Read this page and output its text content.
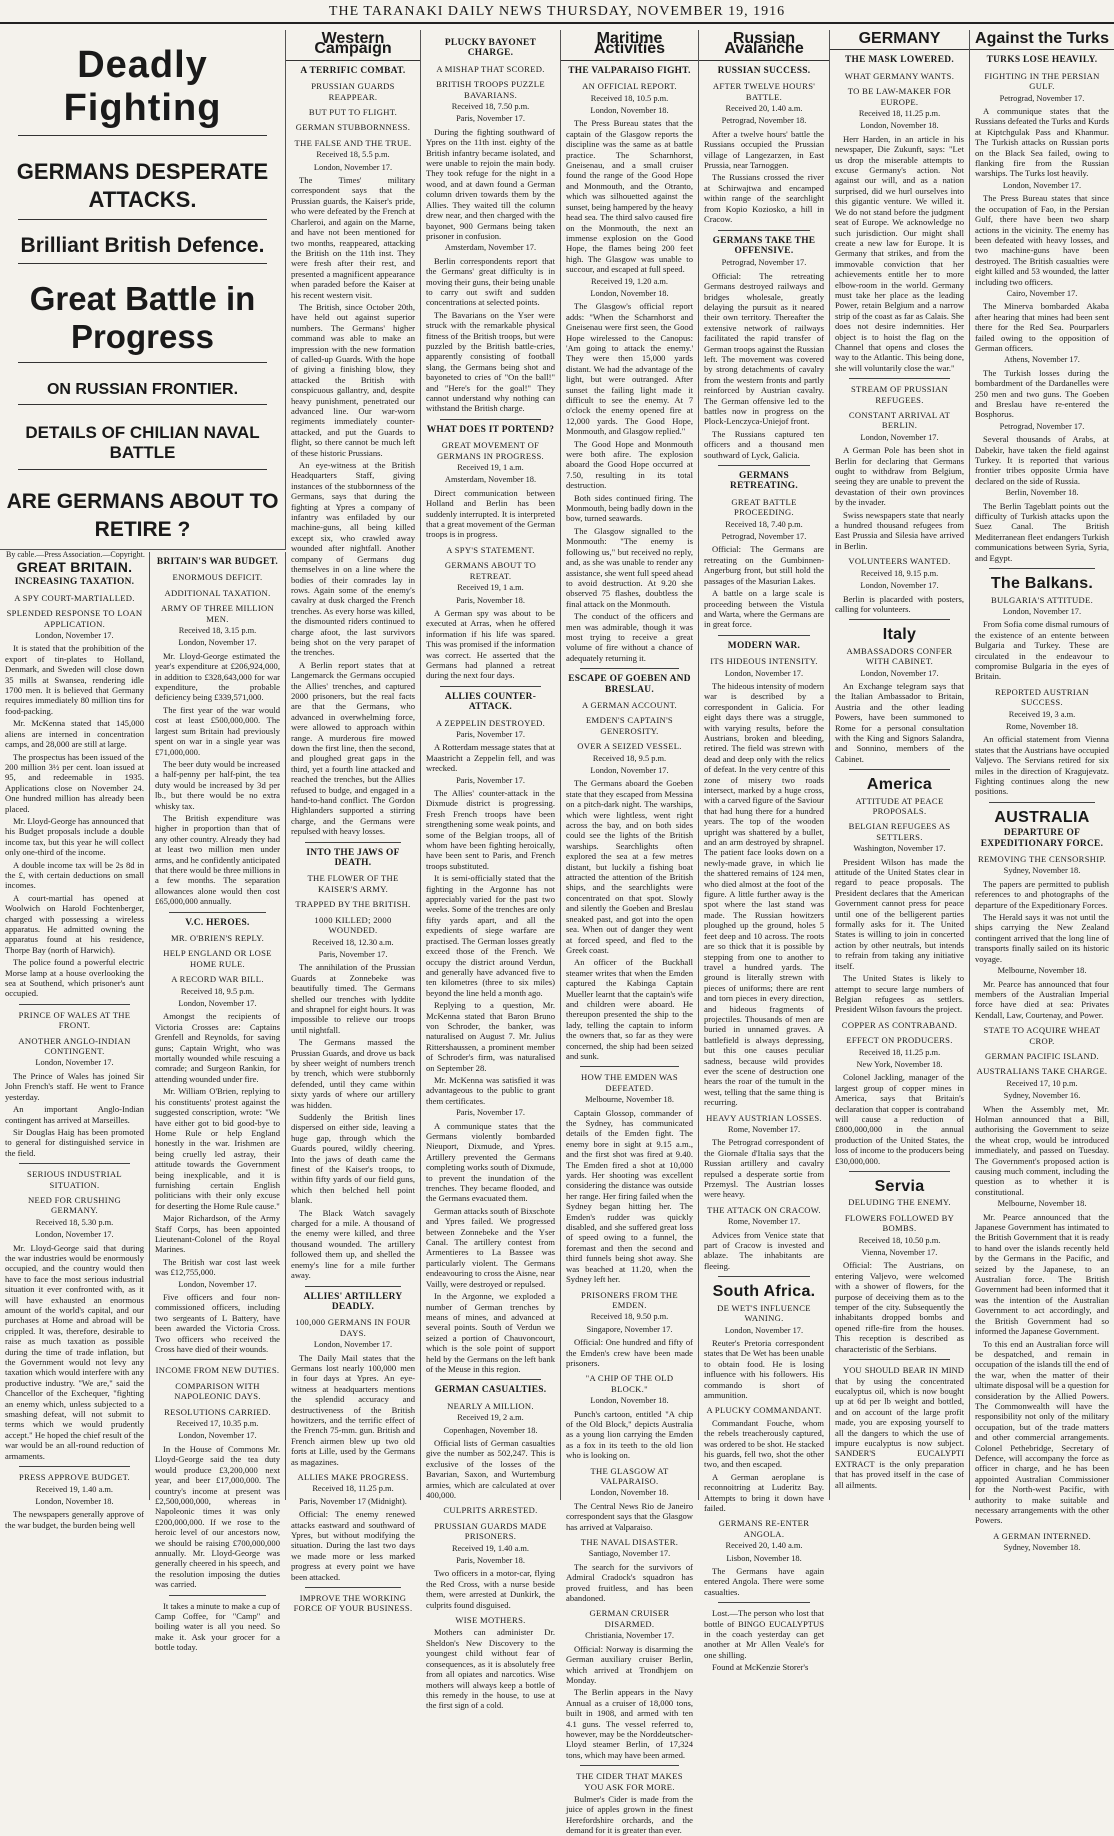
THE TARANAKI DAILY NEWS THURSDAY, NOVEMBER 19, 1916
Deadly Fighting
GERMANS DESPERATE ATTACKS.
Brilliant British Defence.
Great Battle in Progress
ON RUSSIAN FRONTIER.
DETAILS OF CHILIAN NAVAL BATTLE
ARE GERMANS ABOUT TO RETIRE ?
By cable.—Press Association.—Copyright.
GREAT BRITAIN.
INCREASING TAXATION.
A SPY COURT-MARTIALLED.
SPLENDED RESPONSE TO LOAN APPLICATION.
London, November 17.

It is stated that the prohibition of the export of tin-plates to Holland, Denmark, and Sweden will close down 35 mills at Swansea, rendering idle 1700 men. It is believed that Germany requires immediately 80 million tins for food-packing.

Mr. McKenna stated that 145,000 aliens are interned in concentration camps, and 28,000 are still at large.

The prospectus has been issued of the 200 million 3½ per cent. loan issued at 95, and redeemable in 1935. Applications close on November 24. One hundred million has already been placed.

Mr. Lloyd-George has announced that his Budget proposals include a double income tax, but this year he will collect only one-third of the income.

A double income tax will be 2s 8d in the £, with certain deductions on small incomes.

A court-martial has opened at Woolwich on Harold Fochtenberger, charged with possessing a wireless apparatus. He admitted owning the apparatus found at his residence, Thorpe Bay (north of Harwich).

The police found a powerful electric Morse lamp at a house overlooking the sea at Southend, which prisoner's aunt occupied.

PRINCE OF WALES AT THE FRONT.
ANOTHER ANGLO-INDIAN CONTINGENT.
London, November 17.

The Prince of Wales has joined Sir John French's staff. He went to France yesterday.

An important Anglo-Indian contingent has arrived at Marseilles.

Sir Douglas Haig has been promoted to general for distinguished service in the field.

SERIOUS INDUSTRIAL SITUATION.
NEED FOR CRUSHING GERMANY.
Received 18, 5.30 p.m.
London, November 17.

Mr. Lloyd-George said that during the war industries would be enormously occupied, and the country would then have to face the most serious industrial situation it ever confronted with, as it will have exhausted an enormous amount of the world's capital, and our purchases at Home and abroad will be crippled. It was, therefore, desirable to raise as much taxation as possible during the time of trade inflation, but the Government would not levy any taxation which would interfere with any productive industry. "We are," said the Chancellor of the Exchequer, "fighting an enemy which, unless subjected to a smashing defeat, will not submit to terms which we would prudently accept." He hoped the chief result of the war would be an all-round reduction of armaments.

PRESS APPROVE BUDGET.
Received 19, 1.40 a.m.
London, November 18.

The newspapers generally approve of the war budget, the burden being well

BRITAIN'S WAR BUDGET.
ENORMOUS DEFICIT.
ADDITIONAL TAXATION.
ARMY OF THREE MILLION MEN.
Received 18, 3.15 p.m.
London, November 17.

Mr. Lloyd-George estimated the year's expenditure at £206,924,000, in addition to £328,643,000 for war expenditure, the probable deficiency being £339,571,000.

The first year of the war would cost at least £500,000,000. The largest sum Britain had previously spent on war in a single year was £71,000,000.

The beer duty would be increased a half-penny per half-pint, the tea duty would be increased by 3d per lb., but there would be no extra whisky tax.

The British expenditure was higher in proportion than that of any other country. Already they had at least two million men under arms, and he confidently anticipated that there would be three millions in a few months. The separation allowances alone would then cost £65,000,000 annually.

V.C. HEROES.
MR. O'BRIEN'S REPLY.
HELP ENGLAND OR LOSE HOME RULE.
A RECORD WAR BILL.
Received 18, 9.5 p.m.
London, November 17.

Amongst the recipients of Victoria Crosses are: Captains Grenfell and Reynolds, for saving guns; Captain Wright, who was mortally wounded while rescuing a comrade; and Surgeon Rankin, for attending wounded under fire.

Mr. William O'Brien, replying to his constituents' protest against the suggested conscription, wrote: "We have either got to bid good-bye to Home Rule or help England honestly in the war. Irishmen are being cruelly led astray, their attitude towards the Government being inexplicable, and it is furnishing certain English politicians with their only excuse for deserting the Home Rule cause."

Major Richardson, of the Army Staff Corps, has been appointed Lieutenant-Colonel of the Royal Marines.

The British war cost last week was £12,755,000.

London, November 17.

Five officers and four non-commissioned officers, including two sergeants of L Battery, have been awarded the Victoria Cross. Two officers who received the Cross have died of their wounds.

INCOME FROM NEW DUTIES.
COMPARISON WITH NAPOLEONIC DAYS.
RESOLUTIONS CARRIED.
Received 17, 10.35 p.m.
London, November 17.

In the House of Commons Mr. Lloyd-George said the tea duty would produce £3,200,000 next year, and beer £17,000,000. The country's income at present was £2,500,000,000, whereas in Napoleonic times it was only £200,000,000. If we rose to the heroic level of our ancestors now, we should be raising £700,000,000 annually. Mr. Lloyd-George was generally cheered in his speech, and the resolution imposing the duties was carried.

It takes a minute to make a cup of Camp Coffee, for "Camp" and boiling water is all you need. So make it. Ask your grocer for a bottle today.

Western Campaign
A TERRIFIC COMBAT.
PRUSSIAN GUARDS REAPPEAR.
BUT PUT TO FLIGHT.
GERMAN STUBBORNNESS.
THE FALSE AND THE TRUE.
Received 18, 5.5 p.m.
London, November 17.

The Times' military correspondent says that the Prussian guards, the Kaiser's pride, who were defeated by the French at Charleroi, and again on the Marne, and have not been mentioned for two months, reappeared, attacking the British on the 11th inst. They were fresh after their rest, and presented a magnificent appearance when paraded before the Kaiser at his recent western visit.

The British, since October 20th, have held out against superior numbers. The Germans' higher command was able to make an impression with the new formation of called-up Guards. With the hope of giving a finishing blow, they attacked the British with conspicuous gallantry, and, despite heavy punishment, penetrated our advanced line. Our war-worn regiments immediately counter-attacked, and put the Guards to flight, so there cannot be much left of these historic Prussians.

An eye-witness at the British Headquarters Staff, giving instances of the stubbornness of the Germans, says that during the fighting at Ypres a company of infantry was enfiladed by our machine-guns, all being killed except six, who crawled away wounded after nightfall. Another company of Germans dug themselves in on a line where the bodies of their comrades lay in rows. Again some of the enemy's cavalry at dusk charged the French trenches. As every horse was killed, the dismounted riders continued to charge afoot, the last survivors being shot on the very parapet of the trenches.

A Berlin report states that at Langemarck the Germans occupied the Allies' trenches, and captured 2000 prisoners, but the real facts are that the Germans, who advanced in overwhelming force, were allowed to approach within range. A murderous fire mowed down the first line, then the second, and ploughed great gaps in the third, yet a fourth line attacked and reached the trenches, but the Allies refused to budge, and engaged in a hand-to-hand conflict. The Gordon Highlanders supported a stirring charge, and the Germans were repulsed with heavy losses.

INTO THE JAWS OF DEATH.
THE FLOWER OF THE KAISER'S ARMY.
TRAPPED BY THE BRITISH.
1000 KILLED; 2000 WOUNDED.
Received 18, 12.30 a.m.
Paris, November 17.

The annihilation of the Prussian Guards at Zonnebeke was beautifully timed. The Germans shelled our trenches with lyddite and shrapnel for eight hours. It was impossible to relieve our troops until nightfall.

The Germans massed the Prussian Guards, and drove us back by sheer weight of numbers trench by trench, which were stubbornly defended, until they came within sixty yards of where our artillery was hidden.

Suddenly the British lines dispersed on either side, leaving a huge gap, through which the Guards poured, wildly cheering. Into the jaws of death came the finest of the Kaiser's troops, to within fifty yards of our field guns, which then belched hell point blank.

The Black Watch savagely charged for a mile. A thousand of the enemy were killed, and three thousand wounded. The artillery followed them up, and shelled the enemy's line for a mile further away.

ALLIES' ARTILLERY DEADLY.
100,000 GERMANS IN FOUR DAYS.
London, November 17.

The Daily Mail states that the Germans lost nearly 100,000 men in four days at Ypres. An eye-witness at headquarters mentions the splendid accuracy and destructiveness of the British howitzers, and the terrific effect of the French 75-mm. gun. British and French airmen blew up two old forts at Lille, used by the Germans as magazines.

ALLIES MAKE PROGRESS.
Received 18, 11.25 p.m.
Paris, November 17 (Midnight).

Official: The enemy renewed attacks eastward and southward of Ypres, but without modifying the situation. During the last two days we made more or less marked progress at every point we have been attacked.

IMPROVE THE WORKING FORCE OF YOUR BUSINESS.
PLUCKY BAYONET CHARGE.
A MISHAP THAT SCORED.
BRITISH TROOPS PUZZLE BAVARIANS.
Received 18, 7.50 p.m.
Paris, November 17.

During the fighting southward of Ypres on the 11th inst. eighty of the British infantry became isolated, and were unable to rejoin the main body. They took refuge for the night in a wood, and at dawn found a German column driven towards them by the Allies. They waited till the column drew near, and then charged with the bayonet, 900 Germans being taken prisoner in confusion.

Amsterdam, November 17.

Berlin correspondents report that the Germans' great difficulty is in moving their guns, their being unable to carry out swift and sudden concentrations at selected points.

The Bavarians on the Yser were struck with the remarkable physical fitness of the British troops, but were puzzled by the British battle-cries, apparently consisting of football slang, the Germans being shot and bayoneted to cries of "On the ball!" and "Here's for the goal!" They cannot understand why nothing can withstand the British charge.

WHAT DOES IT PORTEND?
GREAT MOVEMENT OF GERMANS IN PROGRESS.
Received 19, 1 a.m.
Amsterdam, November 18.

Direct communication between Holland and Berlin has been suddenly interrupted. It is interpreted that a great movement of the German troops is in progress.

A SPY'S STATEMENT.
GERMANS ABOUT TO RETREAT.
Received 19, 1 a.m.
Paris, November 18.

A German spy was about to be executed at Arras, when he offered information if his life was spared. This was promised if the information was correct. He asserted that the Germans had planned a retreat during the next four days.

ALLIES COUNTER-ATTACK.
A ZEPPELIN DESTROYED.
Paris, November 17.

A Rotterdam message states that at Maastricht a Zeppelin fell, and was wrecked.

Paris, November 17.

The Allies' counter-attack in the Dixmude district is progressing. Fresh French troops have been strengthening some weak points, and some of the Belgian troops, all of whom have been fighting heroically, have been sent to Paris, and French troops substituted.

It is semi-officially stated that the fighting in the Argonne has not appreciably varied for the past two weeks. Some of the trenches are only fifty yards apart, and all the expedients of siege warfare are practised. The German losses greatly exceed those of the French. We occupy the district around Verdun, and generally have advanced five to ten kilometres (three to six miles) beyond the line held a month ago.

Replying to a question, Mr. McKenna stated that Baron Bruno von Schroder, the banker, was naturalised on August 7. Mr. Julius Rittershaussen, a prominent member of Schroder's firm, was naturalised on September 28.

Mr. McKenna was satisfied it was advantageous to the public to grant them certificates.

Paris, November 17.

A communique states that the Germans violently bombarded Nieuport, Dixmude, and Ypres. Artillery prevented the Germans completing works south of Dixmude, to prevent the inundation of the trenches. They became flooded, and the Germans evacuated them.

German attacks south of Bixschote and Ypres failed. We progressed between Zonnebeke and the Yser Canal. The artillery contest from Armentieres to La Bassee was particularly violent. The Germans endeavouring to cross the Aisne, near Vailly, were destroyed or repulsed.

In the Argonne, we exploded a number of German trenches by means of mines, and advanced at several points. South of Verdun we seized a portion of Chauvoncourt, which is the sole point of support held by the Germans on the left bank of the Meuse in this region.

GERMAN CASUALTIES.
NEARLY A MILLION.
Received 19, 2 a.m.
Copenhagen, November 18.

Official lists of German casualties give the number as 502,247. This is exclusive of the losses of the Bavarian, Saxon, and Wurtemburg armies, which are calculated at over 400,000.

CULPRITS ARRESTED.
PRUSSIAN GUARDS MADE PRISONERS.
Received 19, 1.40 a.m.
Paris, November 18.

Two officers in a motor-car, flying the Red Cross, with a nurse beside them, were arrested at Dunkirk, the culprits found disguised.

WISE MOTHERS.

Mothers can administer Dr. Sheldon's New Discovery to the youngest child without fear of consequences, as it is absolutely free from all opiates and narcotics. Wise mothers will always keep a bottle of this remedy in the house, to use at the first sign of a cold.

Maritime Activities
THE VALPARAISO FIGHT.
AN OFFICIAL REPORT.
Received 18, 10.5 p.m.
London, November 18.

The Press Bureau states that the captain of the Glasgow reports the discipline was the same as at battle practice. The Scharnhorst, Gneisenau, and a small cruiser found the range of the Good Hope and Monmouth, and the Otranto, which was silhouetted against the sunset, being hampered by the heavy head sea. The third salvo caused fire on the Monmouth, the next an immense explosion on the Good Hope, the flames being 200 feet high. The Glasgow was unable to succour, and escaped at full speed.

Received 19, 1.20 a.m.
London, November 18.

The Glasgow's official report adds: "When the Scharnhorst and Gneisenau were first seen, the Good Hope wirelessed to the Canopus: 'Am going to attack the enemy.' They were then 15,000 yards distant. We had the advantage of the light, but were outranged. After sunset the failing light made it difficult to see the enemy. At 7 o'clock the enemy opened fire at 12,000 yards. The Good Hope, Monmouth, and Glasgow replied."

The Good Hope and Monmouth were both afire. The explosion aboard the Good Hope occurred at 7.50, resulting in its total destruction.

Both sides continued firing. The Monmouth, being badly down in the bow, turned seawards.

The Glasgow signalled to the Monmouth: "The enemy is following us," but received no reply, and, as she was unable to render any assistance, she went full speed ahead to avoid destruction. At 9.20 she observed 75 flashes, doubtless the final attack on the Monmouth.

The conduct of the officers and men was admirable, though it was most trying to receive a great volume of fire without a chance of adequately returning it.

ESCAPE OF GOEBEN AND BRESLAU.
A GERMAN ACCOUNT.
EMDEN'S CAPTAIN'S GENEROSITY.
OVER A SEIZED VESSEL.
Received 18, 9.5 p.m.
London, November 17.

The Germans aboard the Goeben state that they escaped from Messina on a pitch-dark night. The warships, which were lightless, went right across the bay, and on both sides could see the lights of the British warships. Searchlights often explored the sea at a few metres distant, but luckily a fishing boat attracted the attention of the British ships, and the searchlights were concentrated on that spot. Slowly and silently the Goeben and Breslau sneaked past, and got into the open sea. When out of danger they went at forced speed, and fled to the Greek coast.

An officer of the Buckhall steamer writes that when the Emden captured the Kabinga Captain Mueller learnt that the captain's wife and children were aboard. He thereupon presented the ship to the lady, telling the captain to inform the owners that, so far as they were concerned, the ship had been seized and sunk.

HOW THE EMDEN WAS DEFEATED.
Melbourne, November 18.

Captain Glossop, commander of the Sydney, has communicated details of the Emden fight. The enemy bore in sight at 9.15 a.m., and the first shot was fired at 9.40. The Emden fired a shot at 10,000 yards. Her shooting was excellent considering the distance was outside her range. Her firing failed when the Sydney began hitting her. The Emden's rudder was quickly disabled, and she suffered great loss of speed owing to a funnel, the foremast and then the second and third funnels being shot away. She was beached at 11.20, when the Sydney left her.

PRISONERS FROM THE EMDEN.
Received 18, 9.50 p.m.
Singapore, November 17.

Official: One hundred and fifty of the Emden's crew have been made prisoners.

"A CHIP OF THE OLD BLOCK."
London, November 18.

Punch's cartoon, entitled "A chip of the Old Block," depicts Australia as a young lion carrying the Emden as a fox in its teeth to the old lion who is looking on.

THE GLASGOW AT VALPARAISO.
London, November 18.

The Central News Rio de Janeiro correspondent says that the Glasgow has arrived at Valparaiso.

THE NAVAL DISASTER.
Santiago, November 17.

The search for the survivors of Admiral Cradock's squadron has proved fruitless, and has been abandoned.

GERMAN CRUISER DISARMED.
Christiania, November 17.

Official: Norway is disarming the German auxiliary cruiser Berlin, which arrived at Trondhjem on Monday.

The Berlin appears in the Navy Annual as a cruiser of 18,000 tons, built in 1908, and armed with ten 4.1 guns. The vessel referred to, however, may be the Norddeutscher-Lloyd steamer Berlin, of 17,324 tons, which may have been armed.

THE CIDER THAT MAKES YOU ASK FOR MORE.

Bulmer's Cider is made from the juice of apples grown in the finest Herefordshire orchards, and the demand for it is greater than ever.

Russian Avalanche
RUSSIAN SUCCESS.
AFTER TWELVE HOURS' BATTLE.
Received 20, 1.40 a.m.
Petrograd, November 18.

After a twelve hours' battle the Russians occupied the Prussian village of Langezarzen, in East Prussia, near Tarnoggen.

The Russians crossed the river at Schirwajtwa and encamped within range of the searchlight from Kopio Koziosko, a hill in Cracow.

GERMANS TAKE THE OFFENSIVE.
Petrograd, November 17.

Official: The retreating Germans destroyed railways and bridges wholesale, greatly delaying the pursuit as it neared their own territory. Thereafter the extensive network of railways facilitated the rapid transfer of German troops against the Russian left. The movement was covered by strong detachments of cavalry from the western fronts and partly reinforced by Austrian cavalry. The German offensive led to the battles now in progress on the Plock-Lenczyca-Uniejof front.

The Russians captured ten officers and a thousand men southward of Lyck, Galicia.

GERMANS RETREATING.
GREAT BATTLE PROCEEDING.
Received 18, 7.40 p.m.
Petrograd, November 17.

Official: The Germans are retreating on the Gumbinnen-Angerburg front, but still hold the passages of the Masurian Lakes.

A battle on a large scale is proceeding between the Vistula and Warta, where the Germans are in great force.

MODERN WAR.
ITS HIDEOUS INTENSITY.
London, November 17.

The hideous intensity of modern war is described by a correspondent in Galicia. For eight days there was a struggle, with varying results, before the Austrians, broken and bleeding, retired. The field was strewn with dead and deep only with the relics of defeat. In the very centre of this zone of misery two roads intersect, marked by a huge cross, with a carved figure of the Saviour that had hung there for a hundred years. The top of the wooden upright was shattered by a bullet, and an arm destroyed by shrapnel. The patient face looks down on a newly-made grave, in which lie the shattered remains of 124 men, who died almost at the foot of the figure. A little further away is the spot where the last stand was made. The Russian howitzers ploughed up the ground, holes 5 feet deep and 10 across. The roots are so thick that it is possible by stepping from one to another to travel a hundred yards. The ground is literally strewn with pieces of uniforms; there are rent and torn pieces in every direction, and hideous fragments of projectiles. Thousands of men are buried in unnamed graves. A battlefield is always depressing, but this one causes peculiar sadness, because wild provides ever the scene of destruction one hears the roar of the tumult in the west, telling that the same thing is recurring.

HEAVY AUSTRIAN LOSSES.
Rome, November 17.

The Petrograd correspondent of the Giornale d'Italia says that the Russian artillery and cavalry repulsed a desperate sortie from Przemysl. The Austrian losses were heavy.

THE ATTACK ON CRACOW.
Rome, November 17.

Advices from Venice state that part of Cracow is invested and ablaze. The inhabitants are fleeing.

South Africa.
DE WET'S INFLUENCE WANING.
London, November 17.

Reuter's Pretoria correspondent states that De Wet has been unable to obtain food. He is losing influence with his followers. His commando is short of ammunition.

A PLUCKY COMMANDANT.

Commandant Fouche, whom the rebels treacherously captured, was ordered to be shot. He stacked his guards, fell two, shot the other two, and then escaped.

A German aeroplane is reconnoitring at Luderitz Bay. Attempts to bring it down have failed.

GERMANS RE-ENTER ANGOLA.
Received 20, 1.40 a.m.
Lisbon, November 18.

The Germans have again entered Angola. There were some casualties.

Lost.—The person who lost that bottle of BINGO EUCALYPTUS in the coach yesterday can get another at Mr Allen Veale's for one shilling.

Found at McKenzie Storer's

GERMANY
THE MASK LOWERED.
WHAT GERMANY WANTS.
TO BE LAW-MAKER FOR EUROPE.
Received 18, 11.25 p.m.
London, November 18.

Herr Harden, in an article in his newspaper, Die Zukunft, says: "Let us drop the miserable attempts to excuse Germany's action. Not against our will, and as a nation surprised, did we hurl ourselves into this gigantic venture. We willed it. We do not stand before the judgment seat of Europe. We acknowledge no such jurisdiction. Our might shall create a new law for Europe. It is Germany that strikes, and from the immovable conviction that her achievements entitle her to more elbow-room in the world. Germany must take her place as the leading Power, retain Belgium and a narrow strip of the coast as far as Calais. She does not desire indemnities. Her object is to hoist the flag on the Channel that opens and closes the way to the Atlantic. This being done, she will voluntarily close the war."

STREAM OF PRUSSIAN REFUGEES.
CONSTANT ARRIVAL AT BERLIN.
London, November 17.

A German Pole has been shot in Berlin for declaring that Germans ought to withdraw from Belgium, seeing they are unable to prevent the devastation of their own provinces by the invader.

Swiss newspapers state that nearly a hundred thousand refugees from East Prussia and Silesia have arrived in Berlin.

VOLUNTEERS WANTED.
Received 18, 9.15 p.m.
London, November 17.

Berlin is placarded with posters, calling for volunteers.

Italy
AMBASSADORS CONFER WITH CABINET.
London, November 17.

An Exchange telegram says that the Italian Ambassador to Britain, Austria and the other leading Powers, have been summoned to Rome for a personal consultation with the King and Signors Salandra, and Sonnino, members of the Cabinet.

America
ATTITUDE AT PEACE PROPOSALS.
BELGIAN REFUGEES AS SETTLERS.
Washington, November 17.

President Wilson has made the attitude of the United States clear in regard to peace proposals. The President declares that the American Government cannot press for peace until one of the belligerent parties formally asks for it. The United States is willing to join in concerted action by other neutrals, but intends to refrain from taking any initiative itself.

The United States is likely to attempt to secure large numbers of Belgian refugees as settlers. President Wilson favours the project.

COPPER AS CONTRABAND.
EFFECT ON PRODUCERS.
Received 18, 11.25 p.m.
New York, November 18.

Colonel Jackling, manager of the largest group of copper mines in America, says that Britain's declaration that copper is contraband will cause a reduction of £800,000,000 in the annual production of the United States, the loss of income to the producers being £30,000,000.

Servia
DELUDING THE ENEMY.
FLOWERS FOLLOWED BY BOMBS.
Received 18, 10.50 p.m.
Vienna, November 17.

Official: The Austrians, on entering Valjevo, were welcomed with a shower of flowers, for the purpose of deceiving them as to the temper of the city. Subsequently the inhabitants dropped bombs and opened rifle-fire from the houses. This reception is described as characteristic of the Serbians.

YOU SHOULD BEAR IN MIND that by using the concentrated eucalyptus oil, which is now bought up at 6d per lb weight and bottled, and on account of the large profit made, you are exposing yourself to all the dangers to which the use of impure eucalyptus is now subject. SANDER'S EUCALYPTI EXTRACT is the only preparation that has proved itself in the case of all ailments.

Against the Turks
TURKS LOSE HEAVILY.
FIGHTING IN THE PERSIAN GULF.
Petrograd, November 17.

A communique states that the Russians defeated the Turks and Kurds at Kiptchgulak Pass and Khanmur. The Turkish attacks on Russian ports on the Black Sea failed, owing to flanking fire from the Russian warships. The Turks lost heavily.

London, November 17.

The Press Bureau states that since the occupation of Fao, in the Persian Gulf, there have been two sharp actions in the vicinity. The enemy has been defeated with heavy losses, and two machine-guns have been destroyed. The British casualties were eight killed and 53 wounded, the latter including two officers.

Cairo, November 17.

The Minerva bombarded Akaba after hearing that mines had been sent there for the Red Sea. Pourparlers failed owing to the opposition of German officers.

Athens, November 17.

The Turkish losses during the bombardment of the Dardanelles were 250 men and two guns. The Goeben and Breslau have re-entered the Bosphorus.

Petrograd, November 17.

Several thousands of Arabs, at Dabekir, have taken the field against Turkey. It is reported that various frontier tribes opposite Urmia have declared on the side of Russia.

Berlin, November 18.

The Berlin Tageblatt points out the difficulty of Turkish attacks upon the Suez Canal. The British Mediterranean fleet endangers Turkish communications between Syria, Syria, and Egypt.

The Balkans.
BULGARIA'S ATTITUDE.
London, November 17.

From Sofia come dismal rumours of the existence of an entente between Bulgaria and Turkey. These are circulated in the endeavour to compromise Bulgaria in the eyes of Britain.

REPORTED AUSTRIAN SUCCESS.
Received 19, 3 a.m.
Rome, November 18.

An official statement from Vienna states that the Austrians have occupied Valjevo. The Servians retired for six miles in the direction of Kragujevatz. Fighting continues along the new positions.

AUSTRALIA
DEPARTURE OF EXPEDITIONARY FORCE.
REMOVING THE CENSORSHIP.
Sydney, November 18.

The papers are permitted to publish references to and photographs of the departure of the Expeditionary Forces.

The Herald says it was not until the ships carrying the New Zealand contingent arrived that the long line of transports finally sailed on its historic voyage.

Melbourne, November 18.

Mr. Pearce has announced that four members of the Australian Imperial force have died at sea: Privates Kendall, Law, Courtenay, and Power.

STATE TO ACQUIRE WHEAT CROP.
GERMAN PACIFIC ISLAND.
AUSTRALIANS TAKE CHARGE.
Received 17, 10 p.m.
Sydney, November 16.

When the Assembly met, Mr. Holman announced that a Bill, authorising the Government to seize the wheat crop, would be introduced immediately, and passed on Tuesday. The Government's proposed action is causing much comment, including the question as to whether it is constitutional.

Melbourne, November 18.

Mr. Pearce announced that the Japanese Government has intimated to the British Government that it is ready to hand over the islands recently held by the Germans in the Pacific, and seized by the Japanese, to an Australian force. The British Government had been informed that it was the intention of the Australian Government to act accordingly, and the British Government had so informed the Japanese Government.

To this end an Australian force will be despatched, and remain in occupation of the islands till the end of the war, when the matter of their ultimate disposal will be a question for consideration by the Allied Powers. The Commonwealth will have the responsibility not only of the military occupation, but of the trade matters and other commercial arrangements. Colonel Pethebridge, Secretary of Defence, will accompany the force as officer in charge, and he has been appointed Australian Commissioner for the North-west Pacific, with authority to make suitable and necessary arrangements with the other Powers.

A GERMAN INTERNED.
Sydney, November 18.
